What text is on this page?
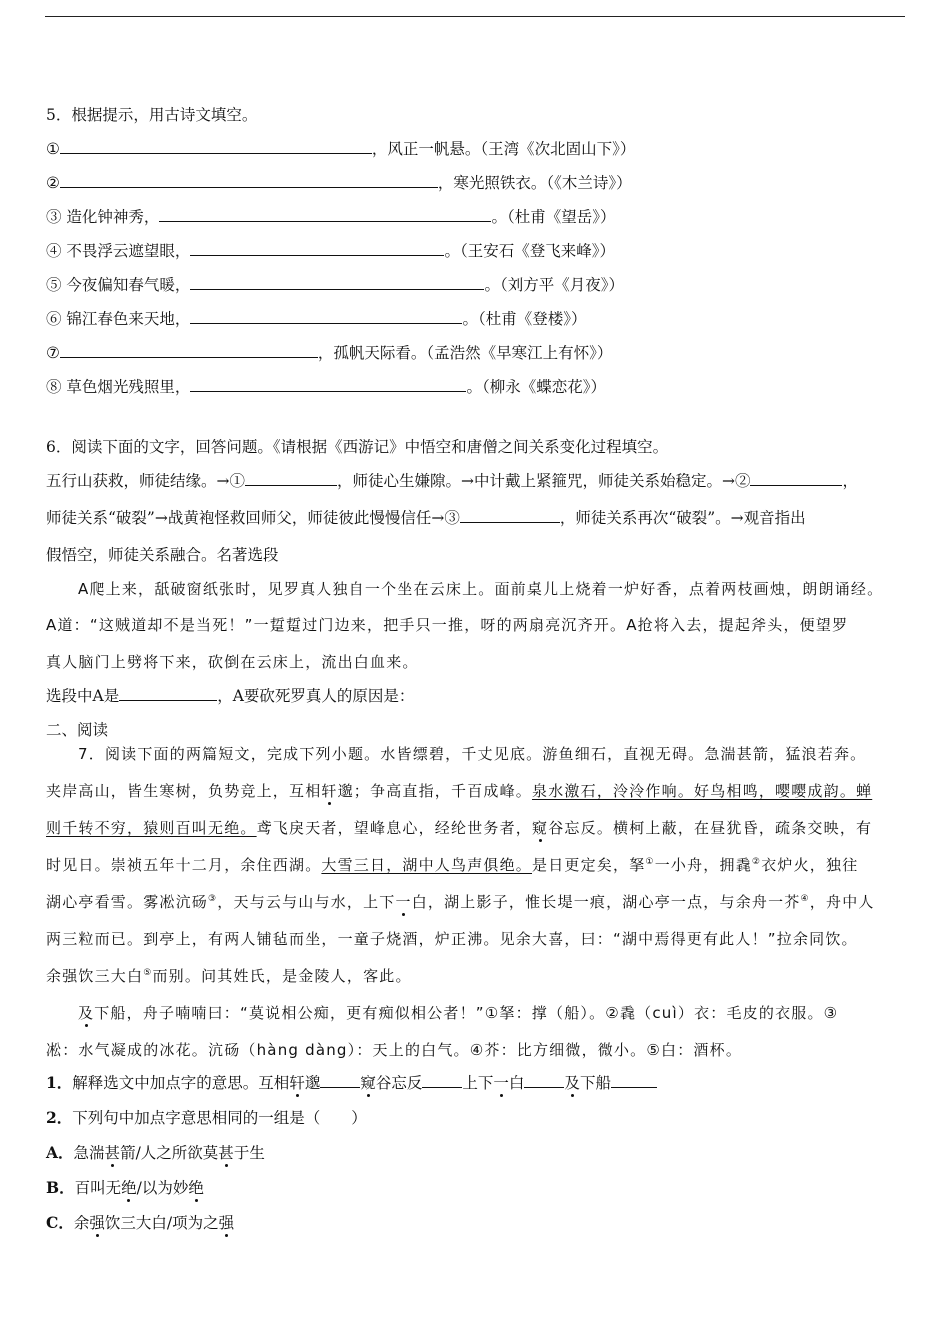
5．根据提示，用古诗文填空。
①	，风正一帆悬。（王湾《次北固山下》）
②	，寒光照铁衣。（《木兰诗》）
③ 造化钟神秀，	。（杜甫《望岳》）
④ 不畏浮云遮望眼，	。（王安石《登飞来峰》）
⑤ 今夜偏知春气暖，	。（刘方平《月夜》）
⑥ 锦江春色来天地，	。（杜甫《登楼》）
⑦	，孤帆天际看。（孟浩然《早寒江上有怀》）
⑧ 草色烟光残照里，	。（柳永《蝶恋花》）
6．阅读下面的文字，回答问题。《请根据《西游记》中悟空和唐僧之间关系变化过程填空。
五行山获救，师徒结缘。→①	，师徒心生嫌隙。→中计戴上紧箍咒，师徒关系始稳定。→②	，
师徒关系“破裂”→战黄袍怪救回师父，师徒彼此慢慢信任→③	，师徒关系再次“破裂”。→观音指出
假悟空，师徒关系融合。名著选段
A爬上来，舐破窗纸张时，见罗真人独自一个坐在云床上。面前桌儿上烧着一炉好香，点着两枝画烛，朗朗诵经。
A道：“这贼道却不是当死！”一踅踅过门边来，把手只一推，呀的两扇亮沉齐开。A抢将入去，提起斧头，便望罗
真人脑门上劈将下来，砍倒在云床上，流出白血来。
选段中A是	，A要砍死罗真人的原因是：
二、阅读
7．阅读下面的两篇短文，完成下列小题。水皆缥碧，千丈见底。游鱼细石，直视无碍。急湍甚箭，猛浪若奔。
夹岸高山，皆生寒树，负势竞上，互相轩邈；争高直指，千百成峰。泉水激石，泠泠作响。好鸟相鸣，嘤嘤成韵。蝉
则千转不穷，猿则百叫无绝。鸢飞戾天者，望峰息心，经纶世务者，窥谷忘反。横柯上蔽，在昼犹昏，疏条交映，有
时见日。崇祯五年十二月，余住西湖。大雪三日，湖中人鸟声俱绝。是日更定矣，拏①一小舟，拥毳②衣炉火，独往
湖心亭看雪。雾凇沆砀③，天与云与山与水，上下一白，湖上影子，惟长堤一痕，湖心亭一点，与余舟一芥④，舟中人
两三粒而已。到亭上，有两人铺毡而坐，一童子烧酒，炉正沸。见余大喜，曰：“湖中焉得更有此人！”拉余同饮。
余强饮三大白⑤而别。问其姓氏，是金陵人，客此。
及下船，舟子喃喃曰：“莫说相公痴，更有痴似相公者！”①拏：撑（船）。②毳（cuì）衣：毛皮的衣服。③
凇：水气凝成的冰花。沆砀（hàng dàng）：天上的白气。④芥：比方细微，微小。⑤白：酒杯。
1．解释选文中加点字的意思。互相轩邈	窥谷忘反	上下一白	及下船
2．下列句中加点字意思相同的一组是（　　）
A．急湍甚箭/人之所欲莫甚于生
B．百叫无绝/以为妙绝
C．余强饮三大白/项为之强
